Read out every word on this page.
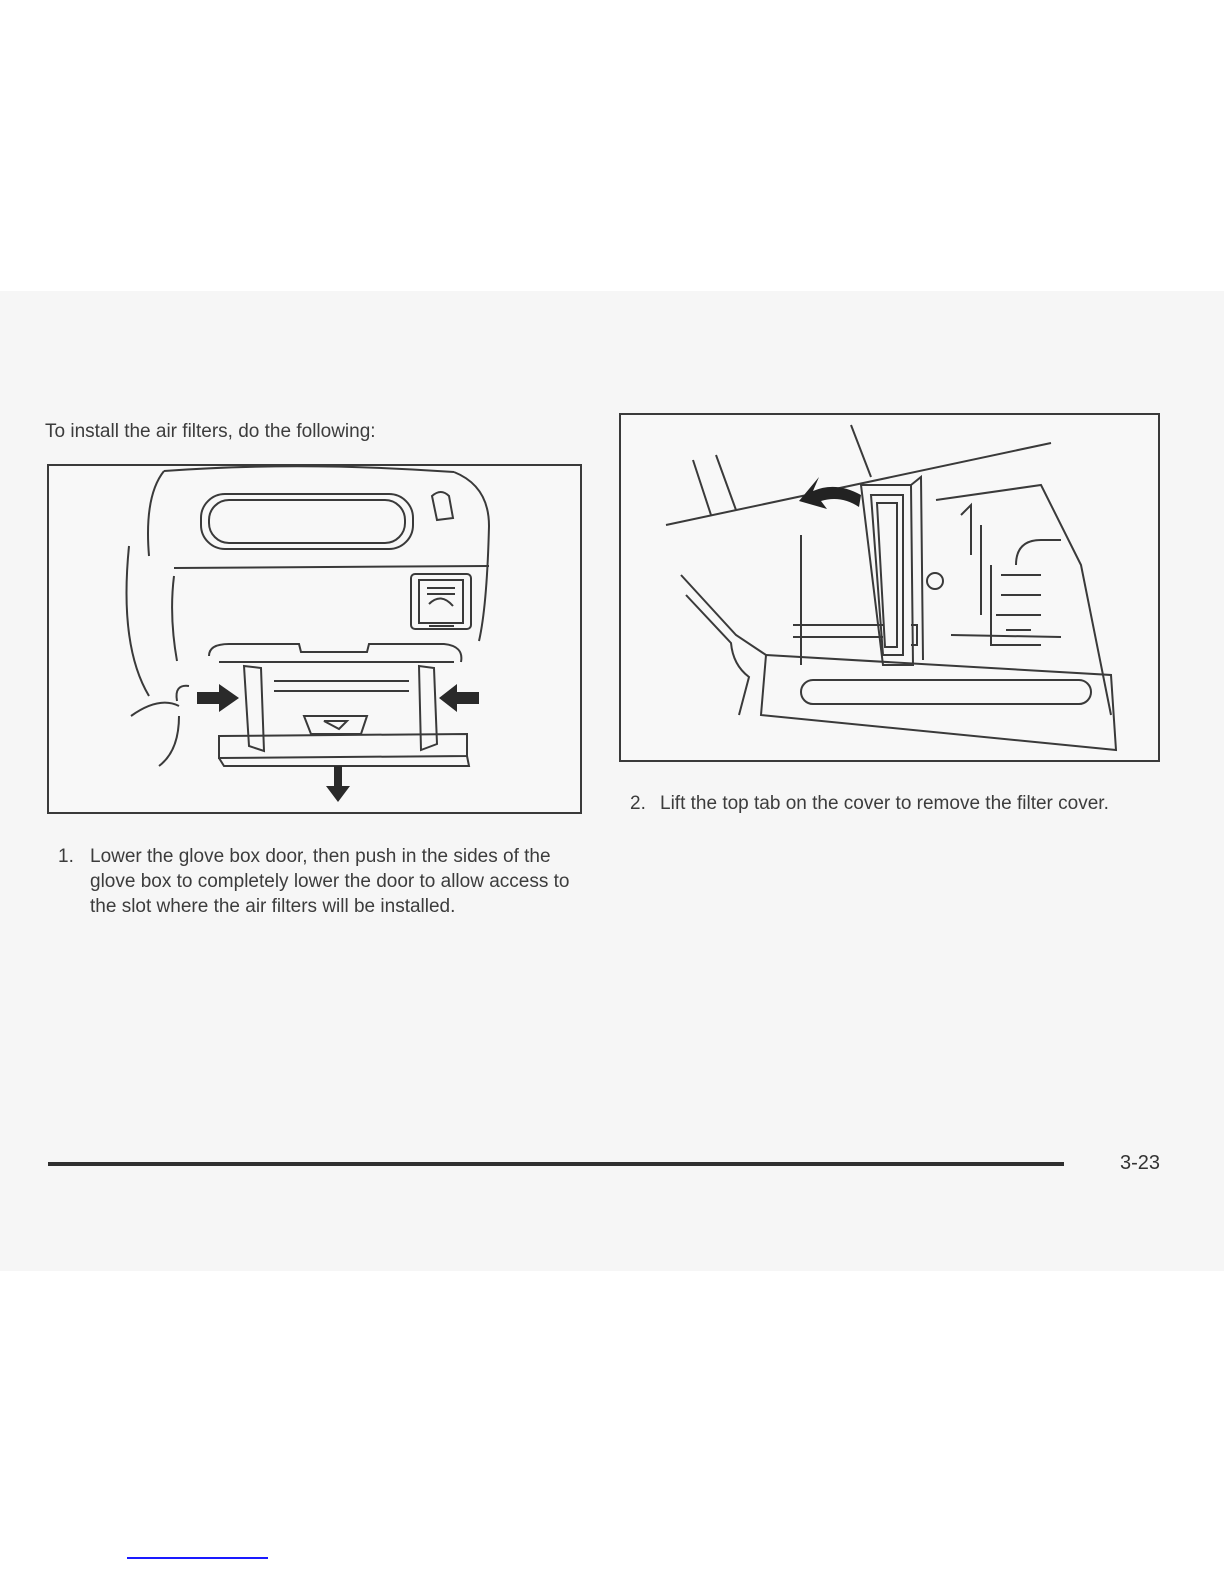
To install the air filters, do the following:
1. Lower the glove box door, then push in the sides of the glove box to completely lower the door to allow access to the slot where the air filters will be installed.
2. Lift the top tab on the cover to remove the filter cover.
3-23
